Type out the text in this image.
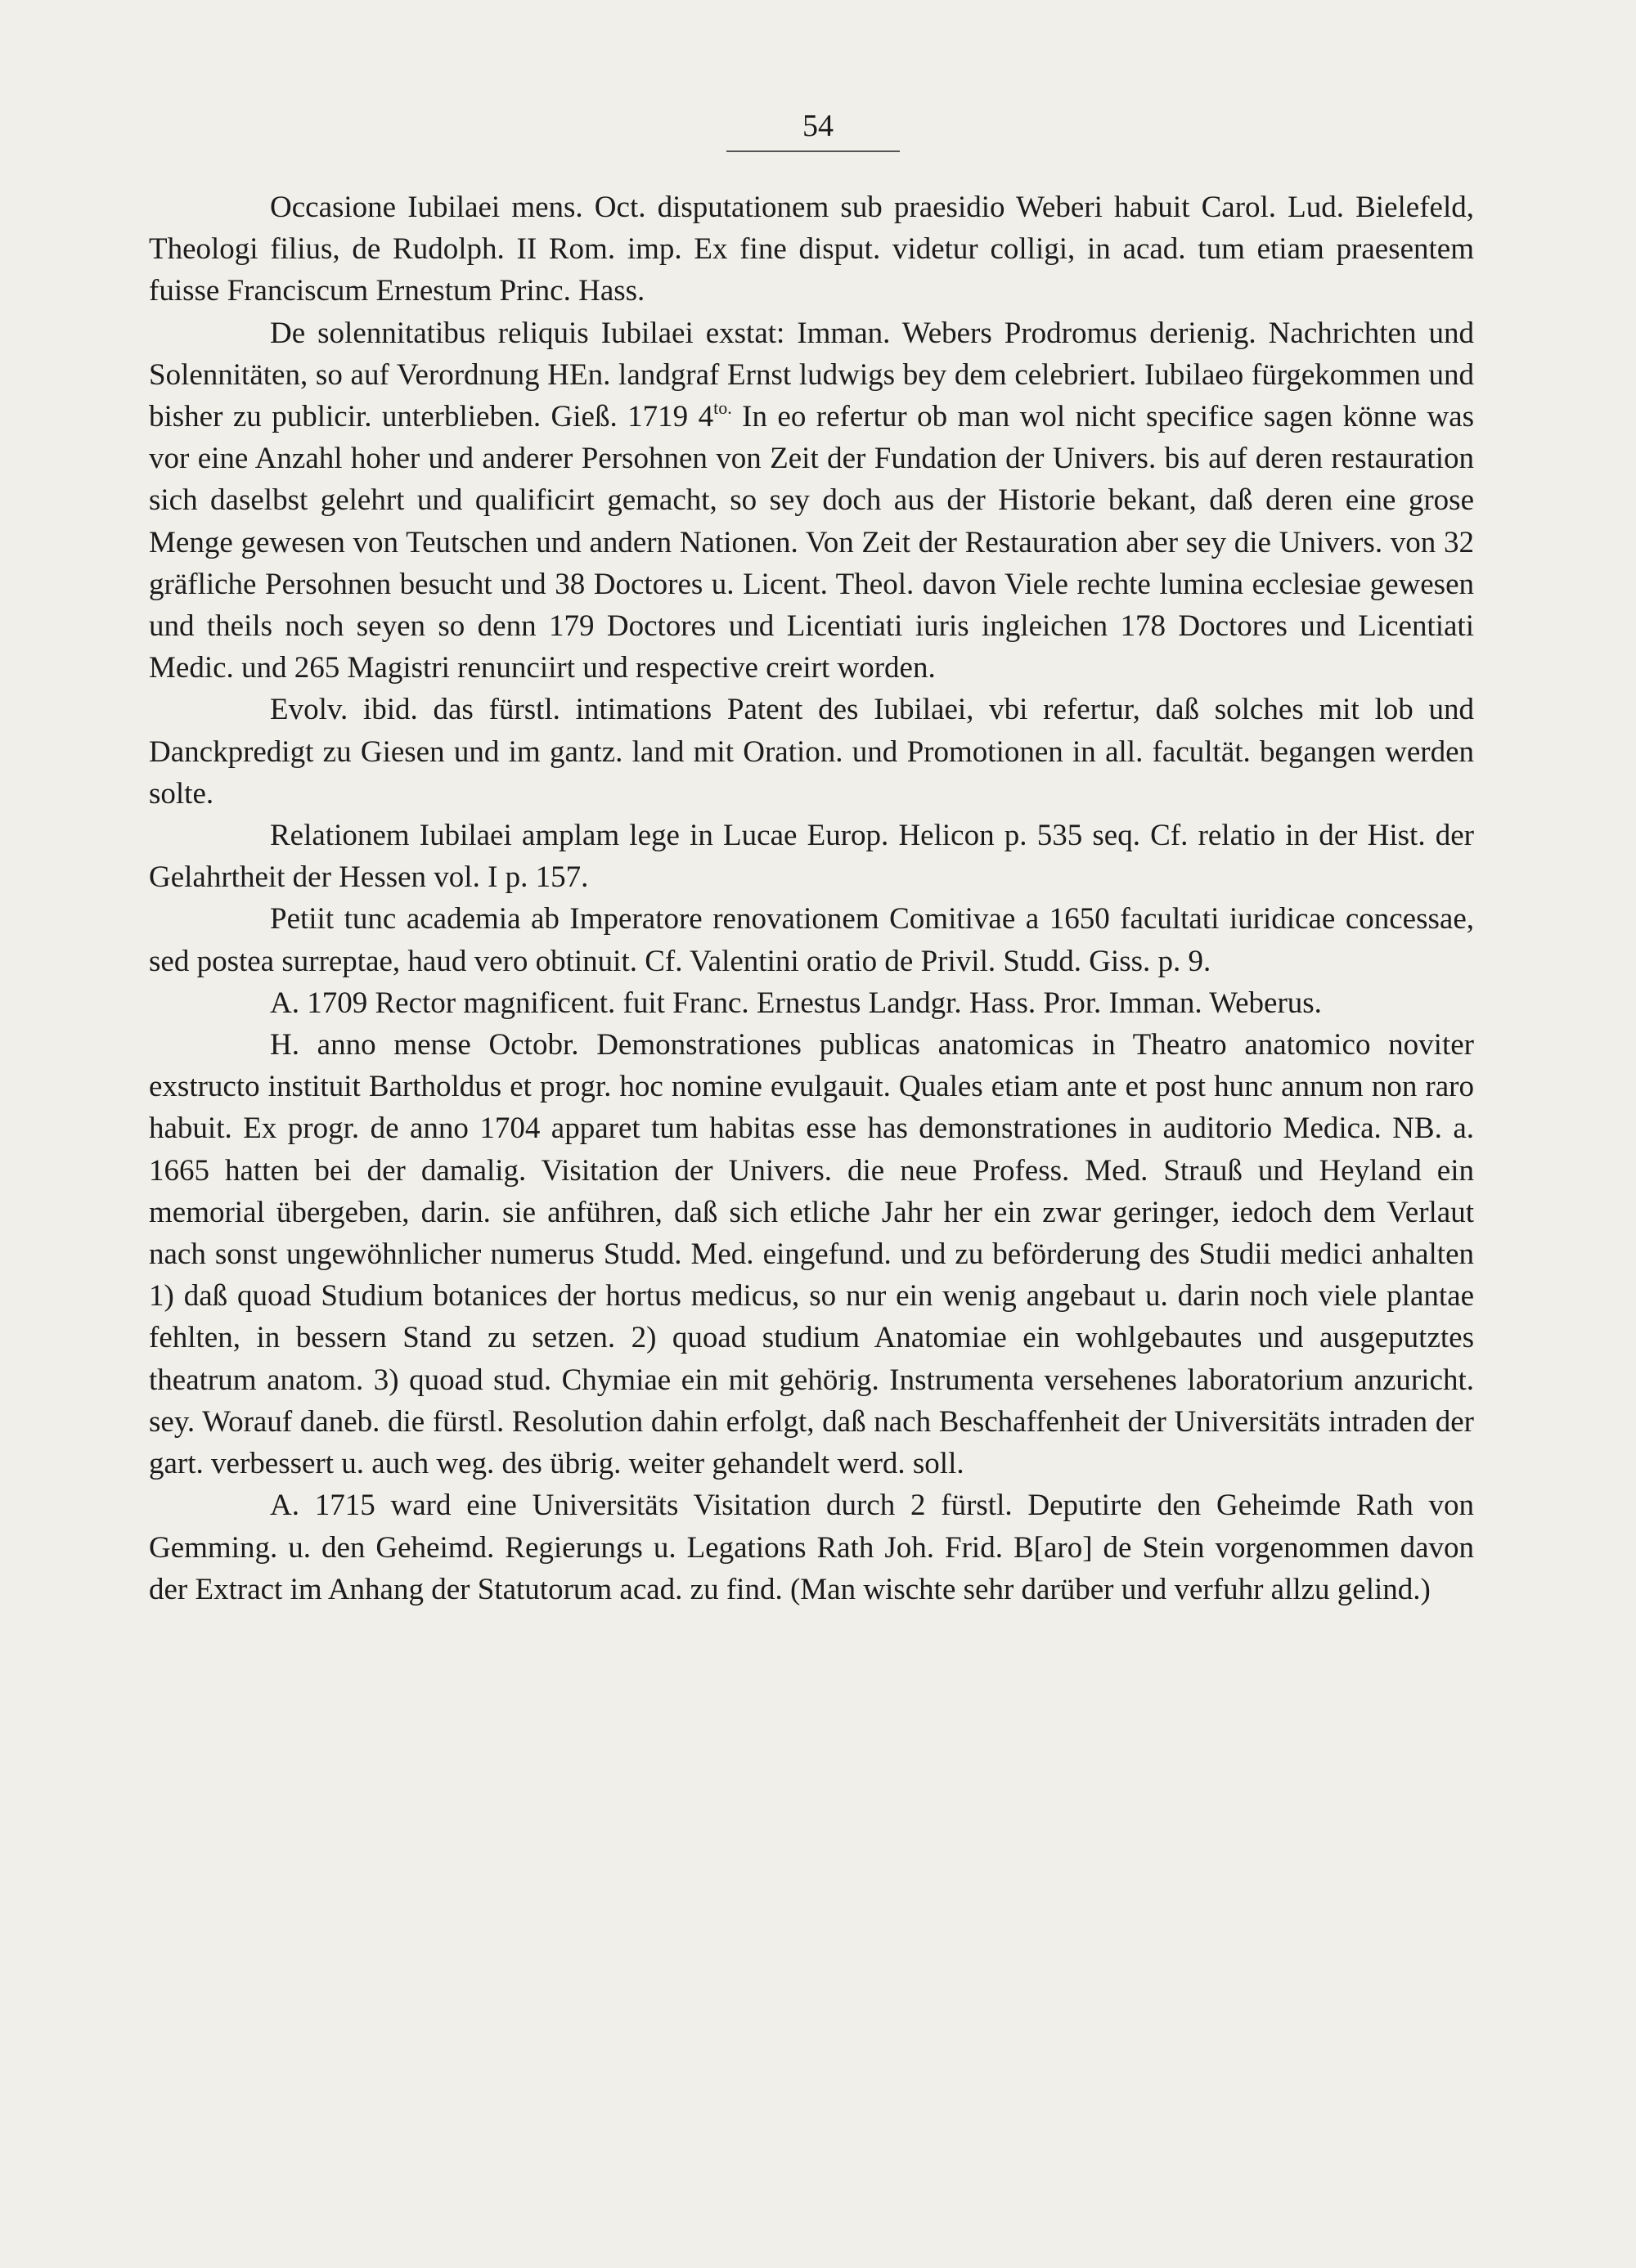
54

Occasione Iubilaei mens. Oct. disputationem sub praesidio Weberi habuit Carol. Lud. Bielefeld, Theologi filius, de Rudolph. II Rom. imp. Ex fine disput. videtur colligi, in acad. tum etiam praesentem fuisse Franciscum Ernestum Princ. Hass.

De solennitatibus reliquis Iubilaei exstat: Imman. Webers Prodromus derienig. Nachrichten und Solennitäten, so auf Verordnung HEn. landgraf Ernst ludwigs bey dem celebriert. Iubilaeo fürgekommen und bisher zu publicir. unterblieben. Gieß. 1719 $4^{to.}$ In eo refertur ob man wol nicht specifice sagen könne was vor eine Anzahl hoher und anderer Persohnen von Zeit der Fundation der Univers. bis auf deren restauration sich daselbst gelehrt und qualificirt gemacht, so sey doch aus der Historie bekant, daß deren eine grose Menge gewesen von Teutschen und andern Nationen. Von Zeit der Restauration aber sey die Univers. von 32 gräfliche Persohnen besucht und 38 Doctores u. Licent. Theol. davon Viele rechte lumina ecclesiae gewesen und theils noch seyen so denn 179 Doctores und Licentiati iuris ingleichen 178 Doctores und Licentiati Medic. und 265 Magistri renunciirt und respective creirt worden.

Evolv. ibid. das fürstl. intimations Patent des Iubilaei, vbi refertur, daß solches mit lob und Danckpredigt zu Giesen und im gantz. land mit Oration. und Promotionen in all. facultät. begangen werden solte.

Relationem Iubilaei amplam lege in Lucae Europ. Helicon p. 535 seq. Cf. relatio in der Hist. der Gelahrtheit der Hessen vol. I p. 157.

Petiit tunc academia ab Imperatore renovationem Comitivae a 1650 facultati iuridicae concessae, sed postea surreptae, haud vero obtinuit. Cf. Valentini oratio de Privil. Studd. Giss. p. 9.

A. 1709 Rector magnificent. fuit Franc. Ernestus Landgr. Hass. Pror. Imman. Weberus.

H. anno mense Octobr. Demonstrationes publicas anatomicas in Theatro anatomico noviter exstructo instituit Bartholdus et progr. hoc nomine evulgauit. Quales etiam ante et post hunc annum non raro habuit. Ex progr. de anno 1704 apparet tum habitas esse has demonstrationes in auditorio Medica. NB. a. 1665 hatten bei der damalig. Visitation der Univers. die neue Profess. Med. Strauß und Heyland ein memorial übergeben, darin. sie anführen, daß sich etliche Jahr her ein zwar geringer, iedoch dem Verlaut nach sonst ungewöhnlicher numerus Studd. Med. eingefund. und zu beförderung des Studii medici anhalten 1) daß quoad Studium botanices der hortus medicus, so nur ein wenig angebaut u. darin noch viele plantae fehlten, in bessern Stand zu setzen. 2) quoad studium Anatomiae ein wohlgebautes und ausgeputztes theatrum anatom. 3) quoad stud. Chymiae ein mit gehörig. Instrumenta versehenes laboratorium anzuricht. sey. Worauf daneb. die fürstl. Resolution dahin erfolgt, daß nach Beschaffenheit der Universitäts intraden der gart. verbessert u. auch weg. des übrig. weiter gehandelt werd. soll.

A. 1715 ward eine Universitäts Visitation durch 2 fürstl. Deputirte den Geheimde Rath von Gemming. u. den Geheimd. Regierungs u. Legations Rath Joh. Frid. B[aro] de Stein vorgenommen davon der Extract im Anhang der Statutorum acad. zu find. (Man wischte sehr darüber und verfuhr allzu gelind.)
